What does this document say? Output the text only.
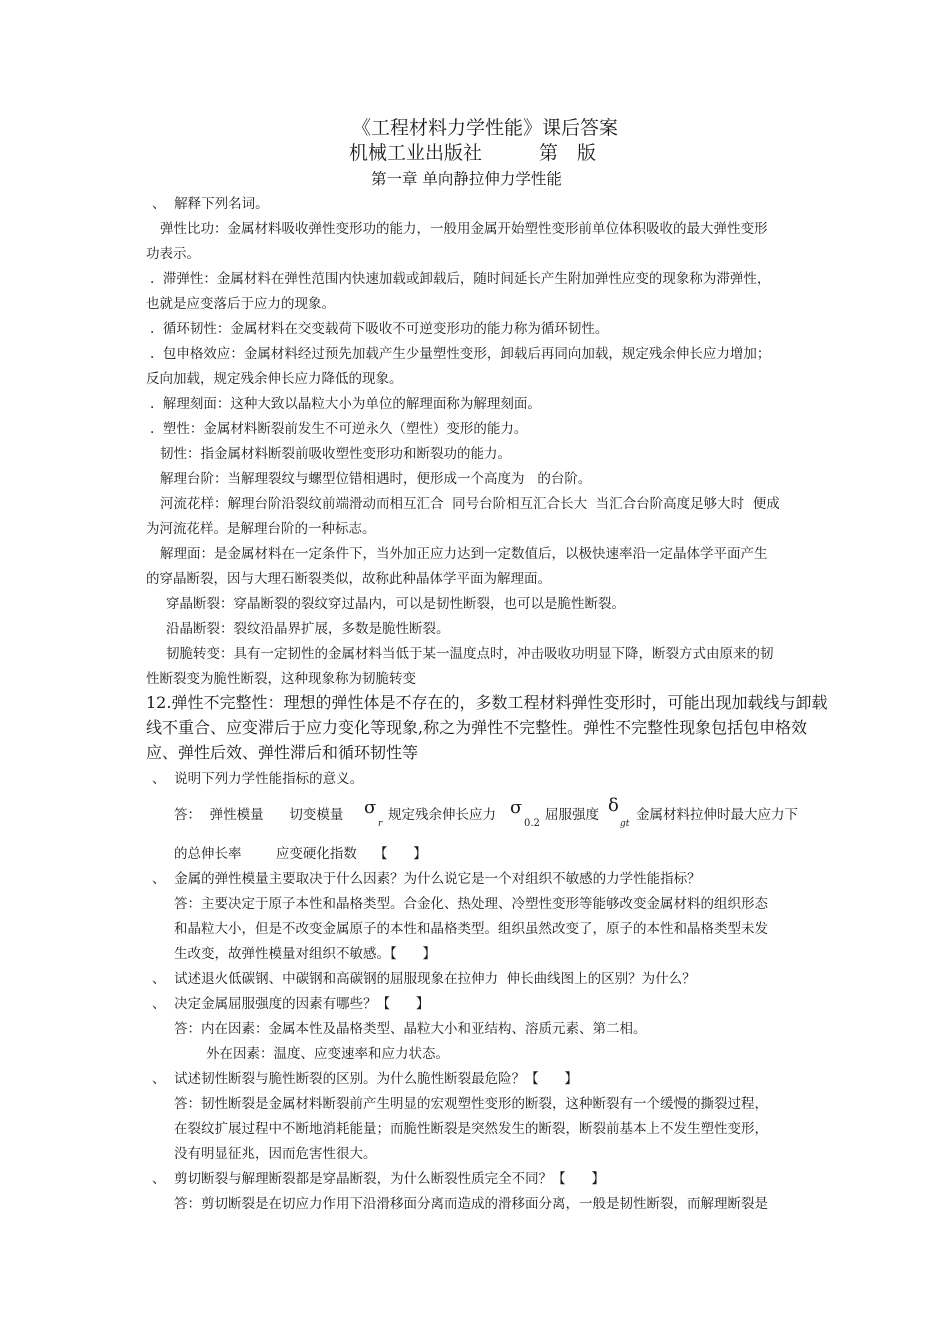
《工程材料力学性能》课后答案
机械工业出版社　　　第　版
第一章 单向静拉伸力学性能
、  解释下列名词。
弹性比功：金属材料吸收弹性变形功的能力，一般用金属开始塑性变形前单位体积吸收的最大弹性变形
功表示。
.  滞弹性：金属材料在弹性范围内快速加载或卸载后，随时间延长产生附加弹性应变的现象称为滞弹性，
也就是应变落后于应力的现象。
.  循环韧性：金属材料在交变载荷下吸收不可逆变形功的能力称为循环韧性。
.  包申格效应：金属材料经过预先加载产生少量塑性变形，卸载后再同向加载，规定残余伸长应力增加；
反向加载，规定残余伸长应力降低的现象。
.  解理刻面：这种大致以晶粒大小为单位的解理面称为解理刻面。
.  塑性：金属材料断裂前发生不可逆永久（塑性）变形的能力。
韧性：指金属材料断裂前吸收塑性变形功和断裂功的能力。
解理台阶：当解理裂纹与螺型位错相遇时，便形成一个高度为   的台阶。
河流花样：解理台阶沿裂纹前端滑动而相互汇合  同号台阶相互汇合长大  当汇合台阶高度足够大时  便成
为河流花样。是解理台阶的一种标志。
解理面：是金属材料在一定条件下，当外加正应力达到一定数值后，以极快速率沿一定晶体学平面产生
的穿晶断裂，因与大理石断裂类似，故称此种晶体学平面为解理面。
穿晶断裂：穿晶断裂的裂纹穿过晶内，可以是韧性断裂，也可以是脆性断裂。
沿晶断裂：裂纹沿晶界扩展，多数是脆性断裂。
韧脆转变：具有一定韧性的金属材料当低于某一温度点时，冲击吸收功明显下降，断裂方式由原来的韧
性断裂变为脆性断裂，这种现象称为韧脆转变
12.弹性不完整性：理想的弹性体是不存在的，多数工程材料弹性变形时，可能出现加载线与卸载
线不重合、应变滞后于应力变化等现象,称之为弹性不完整性。弹性不完整性现象包括包申格效
应、弹性后效、弹性滞后和循环韧性等
、  说明下列力学性能指标的意义。
答：  弹性模量      切变模量 σ
r
规定残余伸长应力 σ
0.2
屈服强度 δ
gt
金属材料拉伸时最大应力下
的总伸长率        应变硬化指数    【      】
、  金属的弹性模量主要取决于什么因素？为什么说它是一个对组织不敏感的力学性能指标？
答：主要决定于原子本性和晶格类型。合金化、热处理、冷塑性变形等能够改变金属材料的组织形态
和晶粒大小，但是不改变金属原子的本性和晶格类型。组织虽然改变了，原子的本性和晶格类型未发
生改变，故弹性模量对组织不敏感。【      】
、  试述退火低碳钢、中碳钢和高碳钢的屈服现象在拉伸力  伸长曲线图上的区别？为什么？
、  决定金属屈服强度的因素有哪些？【      】
答：内在因素：金属本性及晶格类型、晶粒大小和亚结构、溶质元素、第二相。
外在因素：温度、应变速率和应力状态。
、  试述韧性断裂与脆性断裂的区别。为什么脆性断裂最危险？【      】
答：韧性断裂是金属材料断裂前产生明显的宏观塑性变形的断裂，这种断裂有一个缓慢的撕裂过程，
在裂纹扩展过程中不断地消耗能量；而脆性断裂是突然发生的断裂，断裂前基本上不发生塑性变形，
没有明显征兆，因而危害性很大。
、  剪切断裂与解理断裂都是穿晶断裂，为什么断裂性质完全不同？【      】
答：剪切断裂是在切应力作用下沿滑移面分离而造成的滑移面分离，一般是韧性断裂，而解理断裂是
